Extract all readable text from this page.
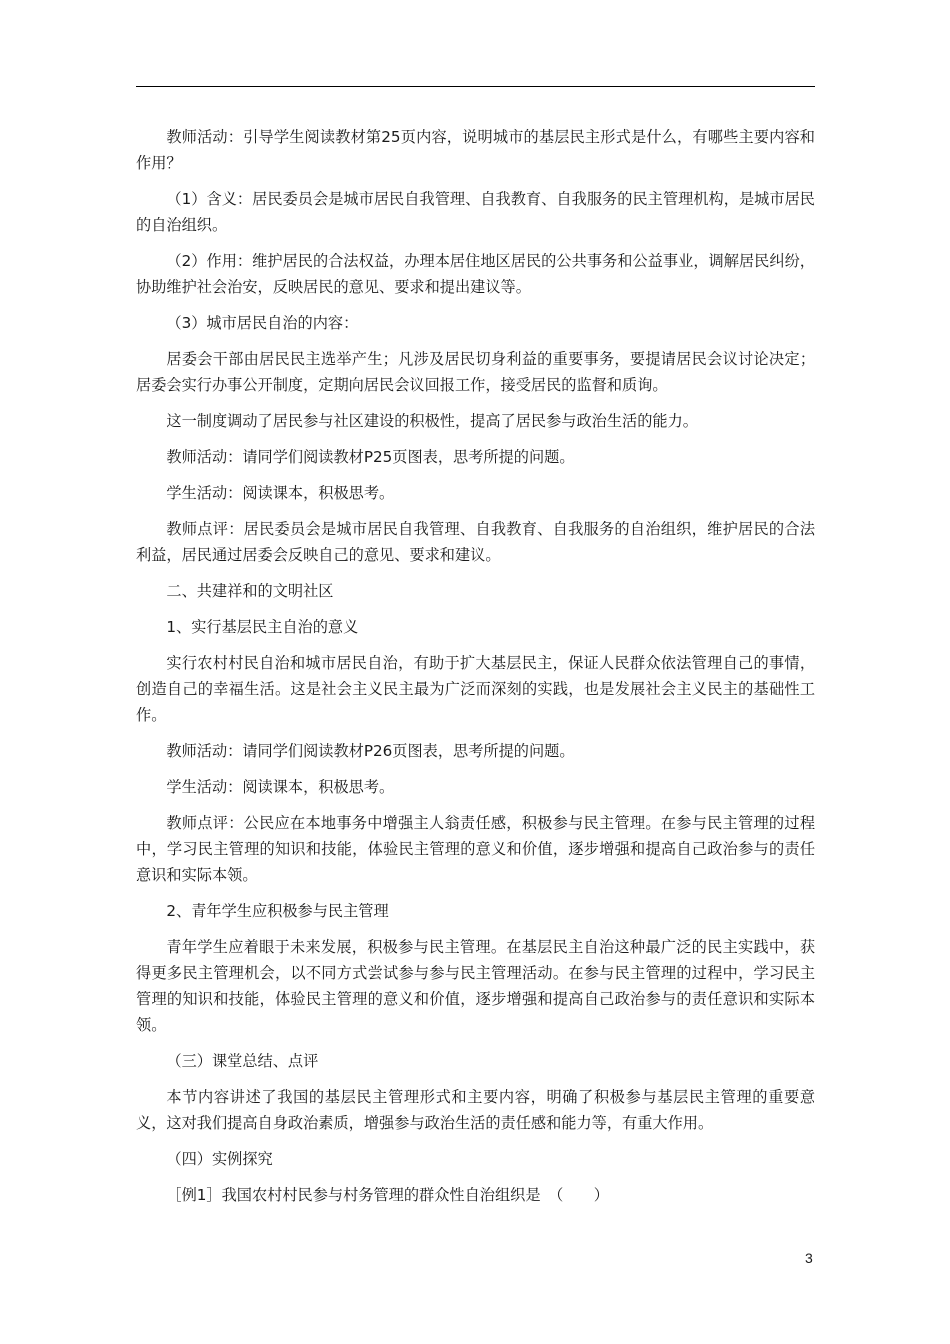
教师活动：引导学生阅读教材第25页内容，说明城市的基层民主形式是什么，有哪些主要内容和作用？

（1）含义：居民委员会是城市居民自我管理、自我教育、自我服务的民主管理机构，是城市居民的自治组织。

（2）作用：维护居民的合法权益，办理本居住地区居民的公共事务和公益事业，调解居民纠纷，协助维护社会治安，反映居民的意见、要求和提出建议等。

（3）城市居民自治的内容：

居委会干部由居民民主选举产生；凡涉及居民切身利益的重要事务，要提请居民会议讨论决定；居委会实行办事公开制度，定期向居民会议回报工作，接受居民的监督和质询。

这一制度调动了居民参与社区建设的积极性，提高了居民参与政治生活的能力。

教师活动：请同学们阅读教材P25页图表，思考所提的问题。

学生活动：阅读课本，积极思考。

教师点评：居民委员会是城市居民自我管理、自我教育、自我服务的自治组织，维护居民的合法利益，居民通过居委会反映自己的意见、要求和建议。

二、共建祥和的文明社区

1、实行基层民主自治的意义

实行农村村民自治和城市居民自治，有助于扩大基层民主，保证人民群众依法管理自己的事情，创造自己的幸福生活。这是社会主义民主最为广泛而深刻的实践，也是发展社会主义民主的基础性工作。

教师活动：请同学们阅读教材P26页图表，思考所提的问题。

学生活动：阅读课本，积极思考。

教师点评：公民应在本地事务中增强主人翁责任感，积极参与民主管理。在参与民主管理的过程中，学习民主管理的知识和技能，体验民主管理的意义和价值，逐步增强和提高自己政治参与的责任意识和实际本领。

2、青年学生应积极参与民主管理

青年学生应着眼于未来发展，积极参与民主管理。在基层民主自治这种最广泛的民主实践中，获得更多民主管理机会，以不同方式尝试参与参与民主管理活动。在参与民主管理的过程中，学习民主管理的知识和技能，体验民主管理的意义和价值，逐步增强和提高自己政治参与的责任意识和实际本领。

（三）课堂总结、点评

本节内容讲述了我国的基层民主管理形式和主要内容，明确了积极参与基层民主管理的重要意义，这对我们提高自身政治素质，增强参与政治生活的责任感和能力等，有重大作用。

（四）实例探究

［例1］我国农村村民参与村务管理的群众性自治组织是　（　　）

3
